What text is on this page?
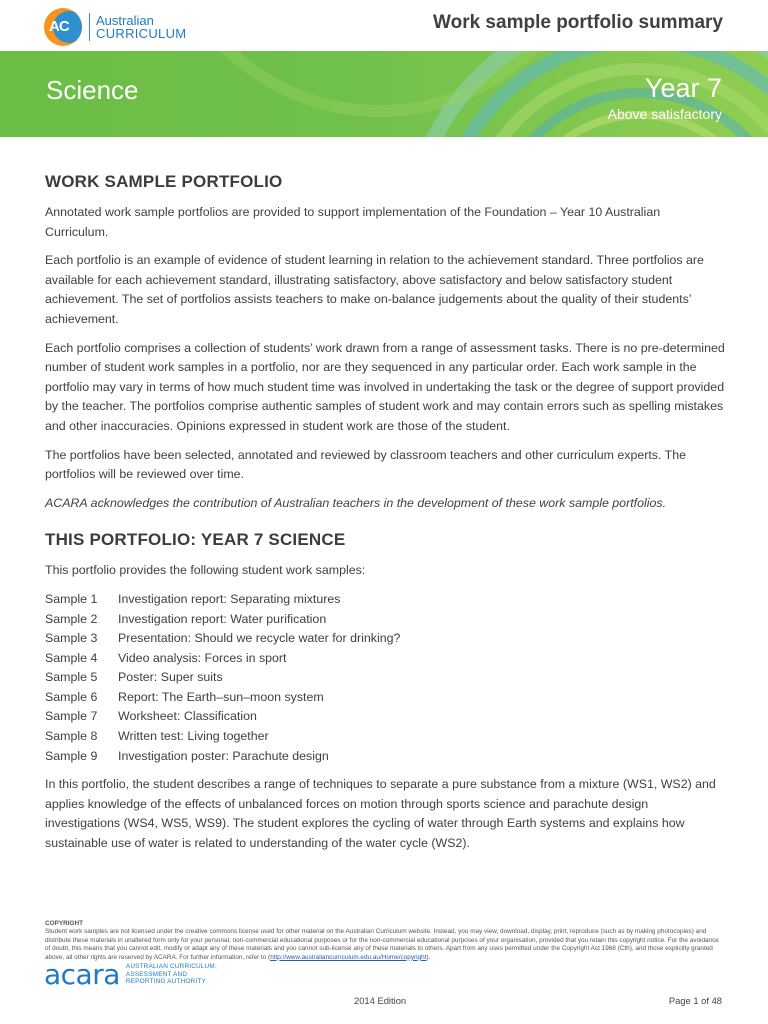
AC Australian
CURRICULUM
Work sample portfolio summary
Science	Year 7
Above satisfactory
WORK SAMPLE PORTFOLIO

Annotated work sample portfolios are provided to support implementation of the Foundation – Year 10 Australian Curriculum.

Each portfolio is an example of evidence of student learning in relation to the achievement standard. Three portfolios are available for each achievement standard, illustrating satisfactory, above satisfactory and below satisfactory student achievement. The set of portfolios assists teachers to make on-balance judgements about the quality of their students’ achievement.

Each portfolio comprises a collection of students’ work drawn from a range of assessment tasks. There is no pre-determined number of student work samples in a portfolio, nor are they sequenced in any particular order. Each work sample in the portfolio may vary in terms of how much student time was involved in undertaking the task or the degree of support provided by the teacher. The portfolios comprise authentic samples of student work and may contain errors such as spelling mistakes and other inaccuracies. Opinions expressed in student work are those of the student.

The portfolios have been selected, annotated and reviewed by classroom teachers and other curriculum experts. The portfolios will be reviewed over time.

ACARA acknowledges the contribution of Australian teachers in the development of these work sample portfolios.

THIS PORTFOLIO: YEAR 7 SCIENCE

This portfolio provides the following student work samples:

Sample 1	Investigation report: Separating mixtures
Sample 2	Investigation report: Water purification
Sample 3	Presentation: Should we recycle water for drinking?
Sample 4	Video analysis: Forces in sport
Sample 5	Poster: Super suits
Sample 6	Report: The Earth–sun–moon system
Sample 7	Worksheet: Classification
Sample 8	Written test: Living together
Sample 9	Investigation poster: Parachute design

In this portfolio, the student describes a range of techniques to separate a pure substance from a mixture (WS1, WS2) and applies knowledge of the effects of unbalanced forces on motion through sports science and parachute design investigations (WS4, WS5, WS9). The student explores the cycling of water through Earth systems and explains how sustainable use of water is related to understanding of the water cycle (WS2).

COPYRIGHT
Student work samples are not licensed under the creative commons license used for other material on the Australian Curriculum website. Instead, you may view, download, display, print, reproduce (such as by making photocopies) and distribute these materials in unaltered form only for your personal, non-commercial educational purposes or for the non-commercial educational purposes of your organisation, provided that you retain this copyright notice. For the avoidance of doubt, this means that you cannot edit, modify or adapt any of these materials and you cannot sub-license any of these materials to others. Apart from any uses permitted under the Copyright Act 1968 (Cth), and those explicitly granted above, all other rights are reserved by ACARA. For further information, refer to (http://www.australiancurriculum.edu.au/Home/copyright).
acara AUSTRALIAN CURRICULUM,
ASSESSMENT AND
REPORTING AUTHORITY
2014 Edition	Page 1 of 48
